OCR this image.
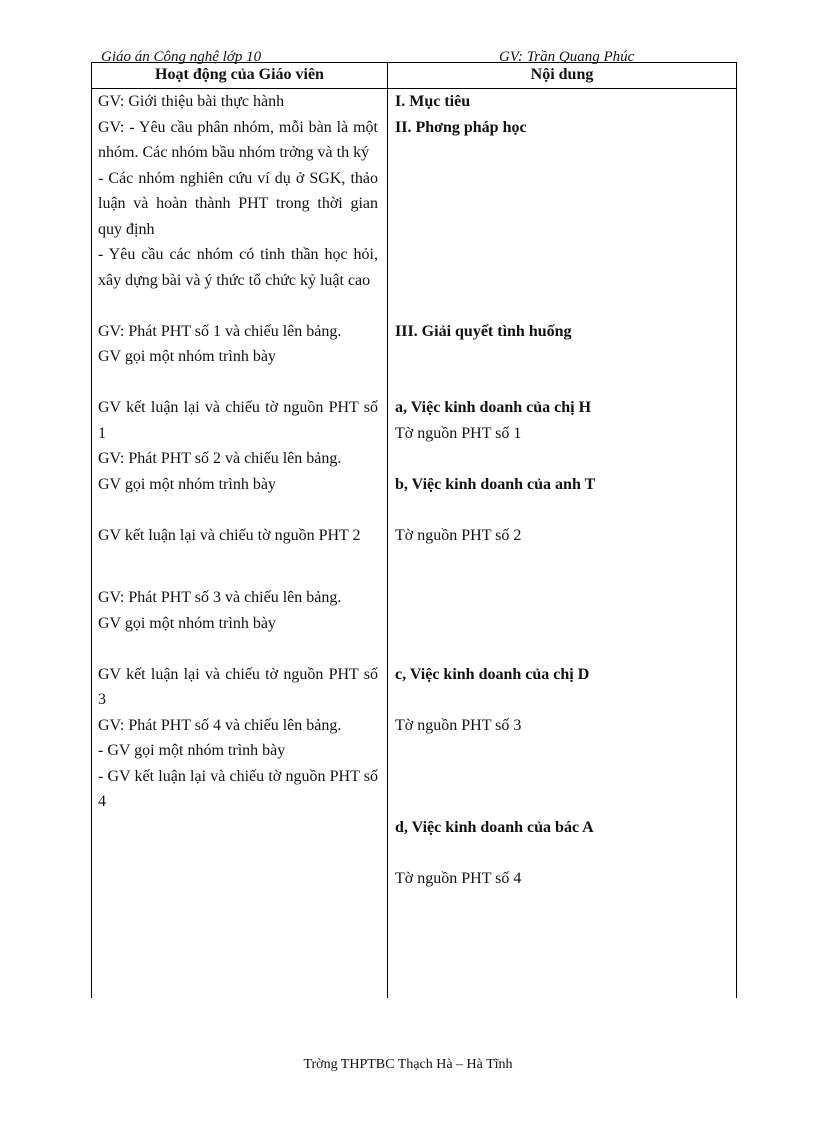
Giáo án Công nghệ lớp 10	GV: Trần Quang Phúc
Hoạt động của Giáo viên	Nội dung

GV: Giới thiệu bài thực hành

GV: - Yêu cầu phân nhóm, mỗi bàn là một nhóm. Các nhóm bầu nhóm trởng và th ký

- Các nhóm nghiên cứu ví dụ ở SGK, thảo luận và hoàn thành PHT trong thời gian quy định

- Yêu cầu các nhóm có tinh thần học hỏi, xây dựng bài và ý thức tổ chức kỷ luật cao

GV: Phát PHT số 1 và chiếu lên bảng.

GV gọi một nhóm trình bày

GV kết luận lại và chiếu tờ nguồn PHT số 1

GV: Phát PHT số 2 và chiếu lên bảng.

GV gọi một nhóm trình bày

GV kết luận lại và chiếu tờ nguồn PHT 2

GV: Phát PHT số 3 và chiếu lên bảng.

GV gọi một nhóm trình bày

GV kết luận lại và chiếu tờ nguồn PHT số 3

GV: Phát PHT số 4 và chiếu lên bảng.

- GV gọi một nhóm trình bày

- GV kết luận lại và chiếu tờ nguồn PHT số 4

I. Mục tiêu

II. Phơng pháp học

III. Giải quyết tình huống

a, Việc kinh doanh của chị H

Tờ nguồn PHT số 1

b, Việc kinh doanh của anh T

Tờ nguồn PHT số 2

c, Việc kinh doanh của chị D

Tờ nguồn PHT số 3

d, Việc kinh doanh của bác A

Tờ nguồn PHT số 4

Trờng THPTBC Thạch Hà – Hà Tĩnh
